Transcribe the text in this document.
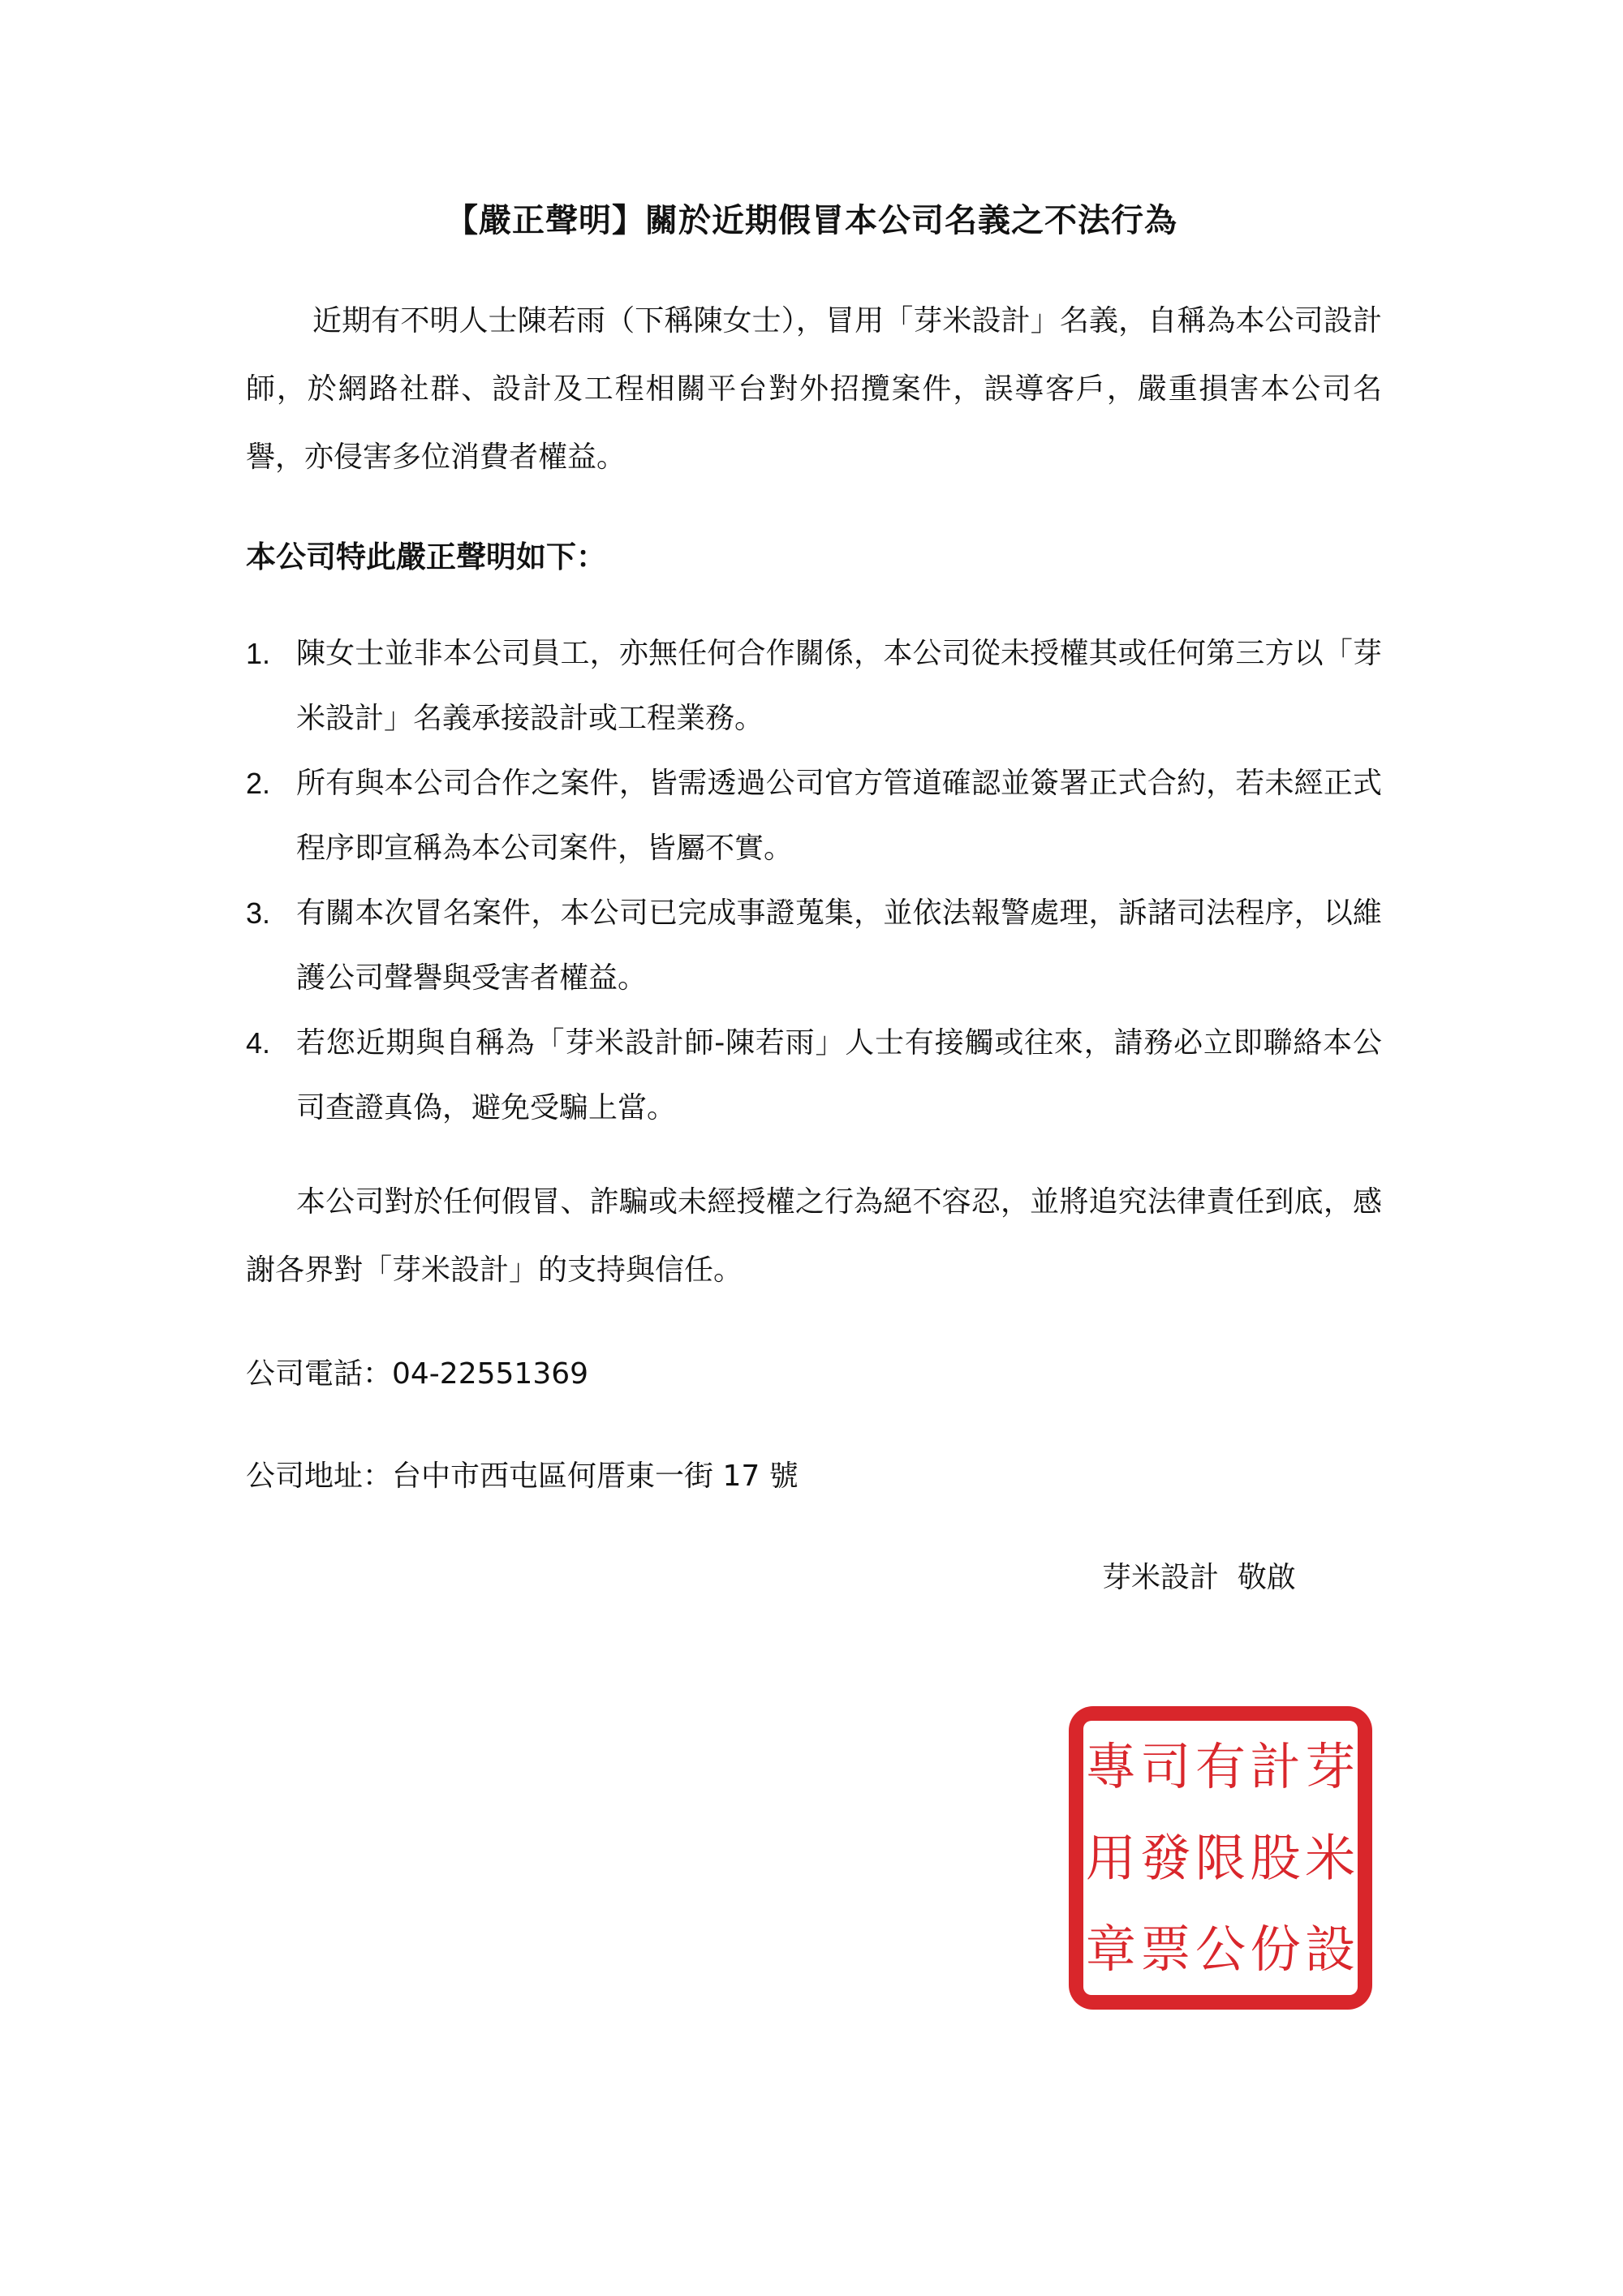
【嚴正聲明】關於近期假冒本公司名義之不法行為
近期有不明人士陳若雨（下稱陳女士），冒用「芽米設計」名義，自稱為本公司設計師，於網路社群、設計及工程相關平台對外招攬案件，誤導客戶，嚴重損害本公司名譽，亦侵害多位消費者權益。
本公司特此嚴正聲明如下：
1. 陳女士並非本公司員工，亦無任何合作關係，本公司從未授權其或任何第三方以「芽米設計」名義承接設計或工程業務。
2. 所有與本公司合作之案件，皆需透過公司官方管道確認並簽署正式合約，若未經正式程序即宣稱為本公司案件，皆屬不實。
3. 有關本次冒名案件，本公司已完成事證蒐集，並依法報警處理，訴諸司法程序，以維護公司聲譽與受害者權益。
4. 若您近期與自稱為「芽米設計師-陳若雨」人士有接觸或往來，請務必立即聯絡本公司查證真偽，避免受騙上當。
本公司對於任何假冒、詐騙或未經授權之行為絕不容忍，並將追究法律責任到底，感謝各界對「芽米設計」的支持與信任。
公司電話：04-22551369
公司地址：台中市西屯區何厝東一街 17 號
芽米設計  敬啟
芽
米
設
計
股
份
有
限
公
司
發
票
專
用
章
